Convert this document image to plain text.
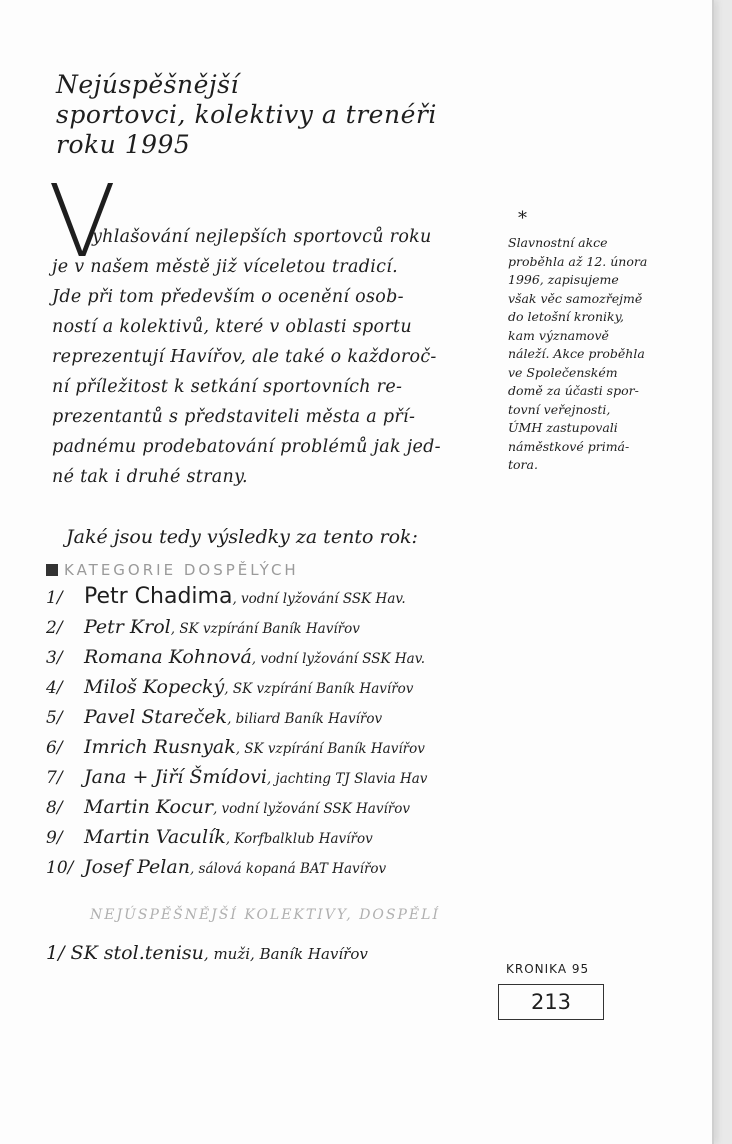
Nejúspěšnější
sportovci, kolektivy a trenéři
roku 1995
V
yhlašování nejlepších sportovců roku
je v našem městě již víceletou tradicí.
Jde při tom především o ocenění osob-
ností a kolektivů, které v oblasti sportu
reprezentují Havířov, ale také o každoroč-
ní příležitost k setkání sportovních re-
prezentantů s představiteli města a pří-
padnému prodebatování problémů jak jed-
né tak i druhé strany.
Jaké jsou tedy výsledky za tento rok:
KATEGORIE DOSPĚLÝCH
1/ Petr Chadima, vodní lyžování SSK Hav.
2/ Petr Krol, SK vzpírání Baník Havířov
3/ Romana Kohnová, vodní lyžování SSK Hav.
4/ Miloš Kopecký, SK vzpírání Baník Havířov
5/ Pavel Stareček, biliard Baník Havířov
6/ Imrich Rusnyak, SK vzpírání Baník Havířov
7/ Jana + Jiří Šmídovi, jachting TJ Slavia Hav
8/ Martin Kocur, vodní lyžování SSK Havířov
9/ Martin Vaculík, Korfbalklub Havířov
10/ Josef Pelan, sálová kopaná BAT Havířov
NEJÚSPĚŠNĚJŠÍ KOLEKTIVY, DOSPĚLÍ
1/ SK stol.tenisu, muži, Baník Havířov
*
Slavnostní akce
proběhla až 12. února
1996, zapisujeme
však věc samozřejmě
do letošní kroniky,
kam významově
náleží. Akce proběhla
ve Společenském
domě za účasti spor-
tovní veřejnosti,
ÚMH zastupovali
náměstkové primá-
tora.
KRONIKA 95
213
